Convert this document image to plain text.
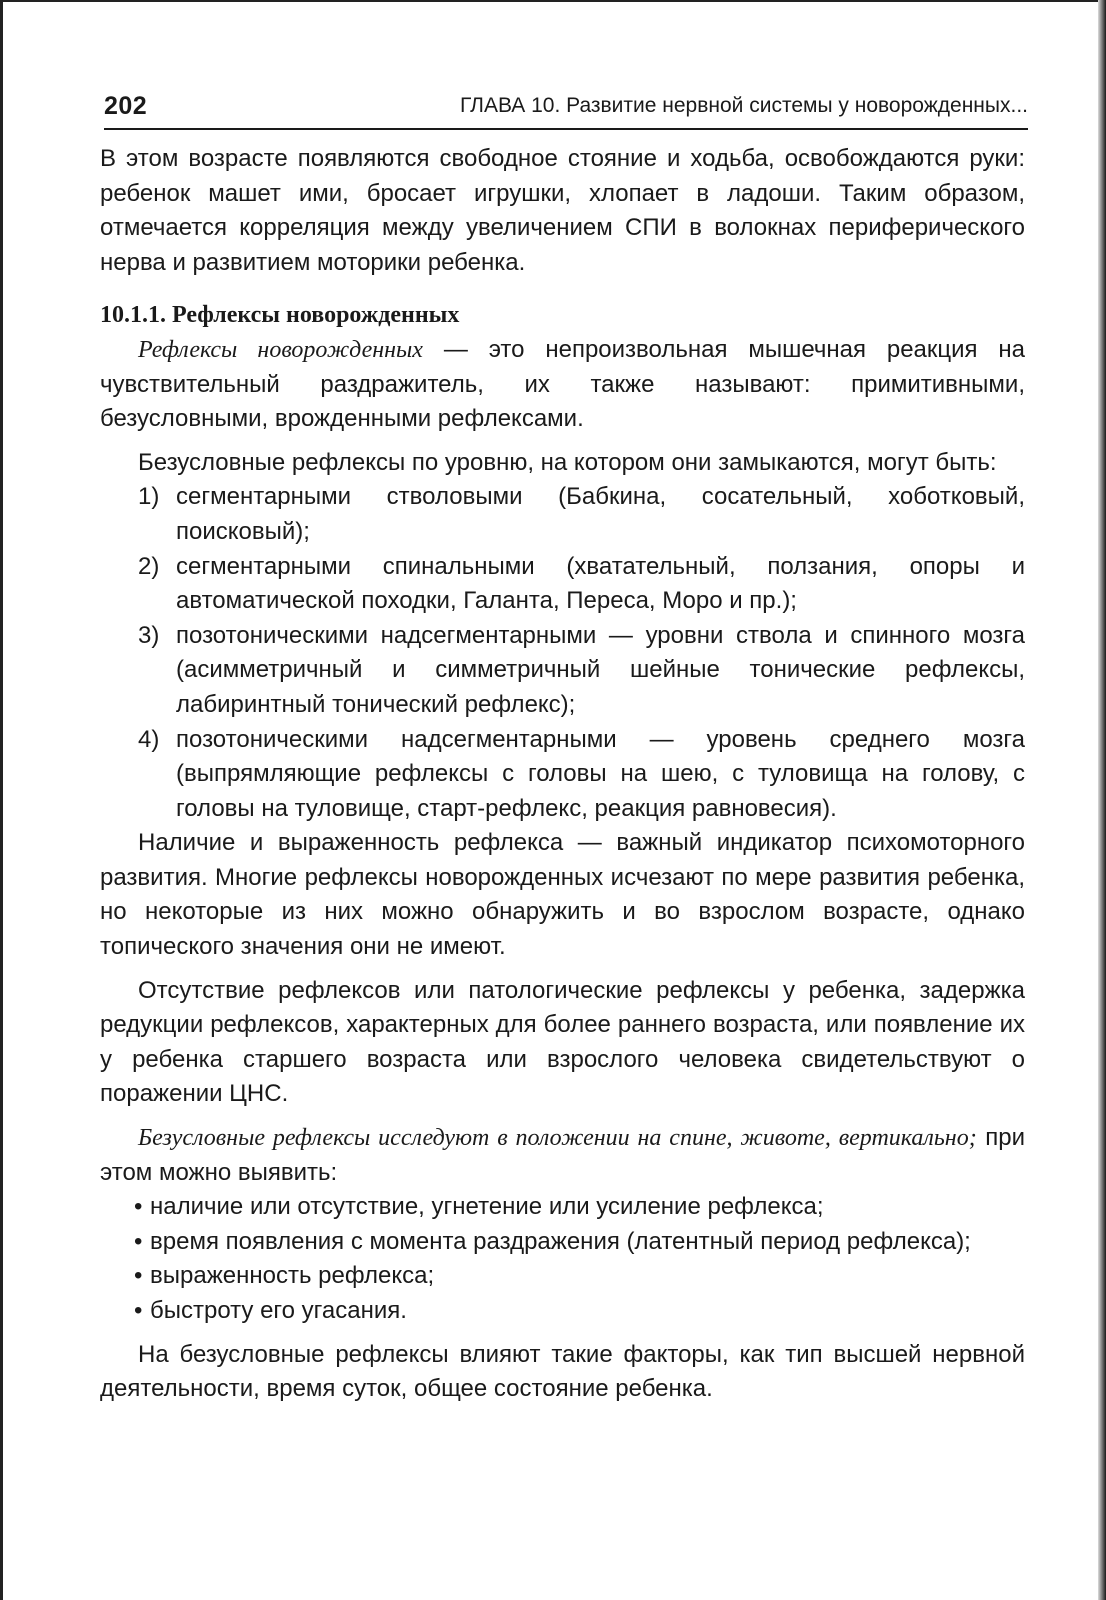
202	ГЛАВА 10. Развитие нервной системы у новорожденных...

В этом возрасте появляются свободное стояние и ходьба, освобождаются руки: ребенок машет ими, бросает игрушки, хлопает в ладоши. Таким образом, отмечается корреляция между увеличением СПИ в волокнах периферического нерва и развитием моторики ребенка.

10.1.1. Рефлексы новорожденных

Рефлексы новорожденных — это непроизвольная мышечная реакция на чувствительный раздражитель, их также называют: примитивными, безусловными, врожденными рефлексами.

Безусловные рефлексы по уровню, на котором они замыкаются, могут быть:

1) сегментарными стволовыми (Бабкина, сосательный, хоботковый, поисковый);
2) сегментарными спинальными (хватательный, ползания, опоры и автоматической походки, Галанта, Переса, Моро и пр.);
3) позотоническими надсегментарными — уровни ствола и спинного мозга (асимметричный и симметричный шейные тонические рефлексы, лабиринтный тонический рефлекс);
4) позотоническими надсегментарными — уровень среднего мозга (выпрямляющие рефлексы с головы на шею, с туловища на голову, с головы на туловище, старт-рефлекс, реакция равновесия).

Наличие и выраженность рефлекса — важный индикатор психомоторного развития. Многие рефлексы новорожденных исчезают по мере развития ребенка, но некоторые из них можно обнаружить и во взрослом возрасте, однако топического значения они не имеют.

Отсутствие рефлексов или патологические рефлексы у ребенка, задержка редукции рефлексов, характерных для более раннего возраста, или появление их у ребенка старшего возраста или взрослого человека свидетельствуют о поражении ЦНС.

Безусловные рефлексы исследуют в положении на спине, животе, вертикально; при этом можно выявить:

• наличие или отсутствие, угнетение или усиление рефлекса;
• время появления с момента раздражения (латентный период рефлекса);
• выраженность рефлекса;
• быстроту его угасания.

На безусловные рефлексы влияют такие факторы, как тип высшей нервной деятельности, время суток, общее состояние ребенка.
